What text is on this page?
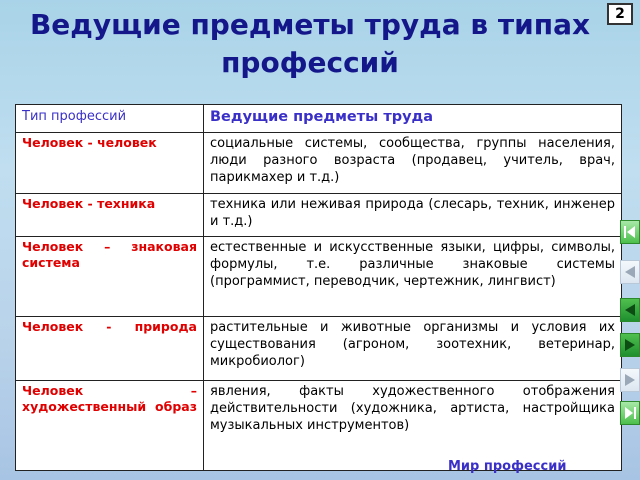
Ведущие предметы труда в типах профессий
2
Тип профессий	Ведущие предметы труда
Человек - человек	социальные системы, сообщества, группы населения, люди разного возраста (продавец, учитель, врач, парикмахер и т.д.)
Человек - техника	техника или неживая природа (слесарь, техник, инженер и т.д.)
Человек – знаковая система	естественные и искусственные языки, цифры, символы, формулы, т.е. различные знаковые системы (программист, переводчик, чертежник, лингвист)
Человек - природа	растительные и животные организмы и условия их существования (агроном, зоотехник, ветеринар, микробиолог)
Человек – художественный образ	явления, факты художественного отображения действительности (художника, артиста, настройщика музыкальных инструментов)
Мир профессий
